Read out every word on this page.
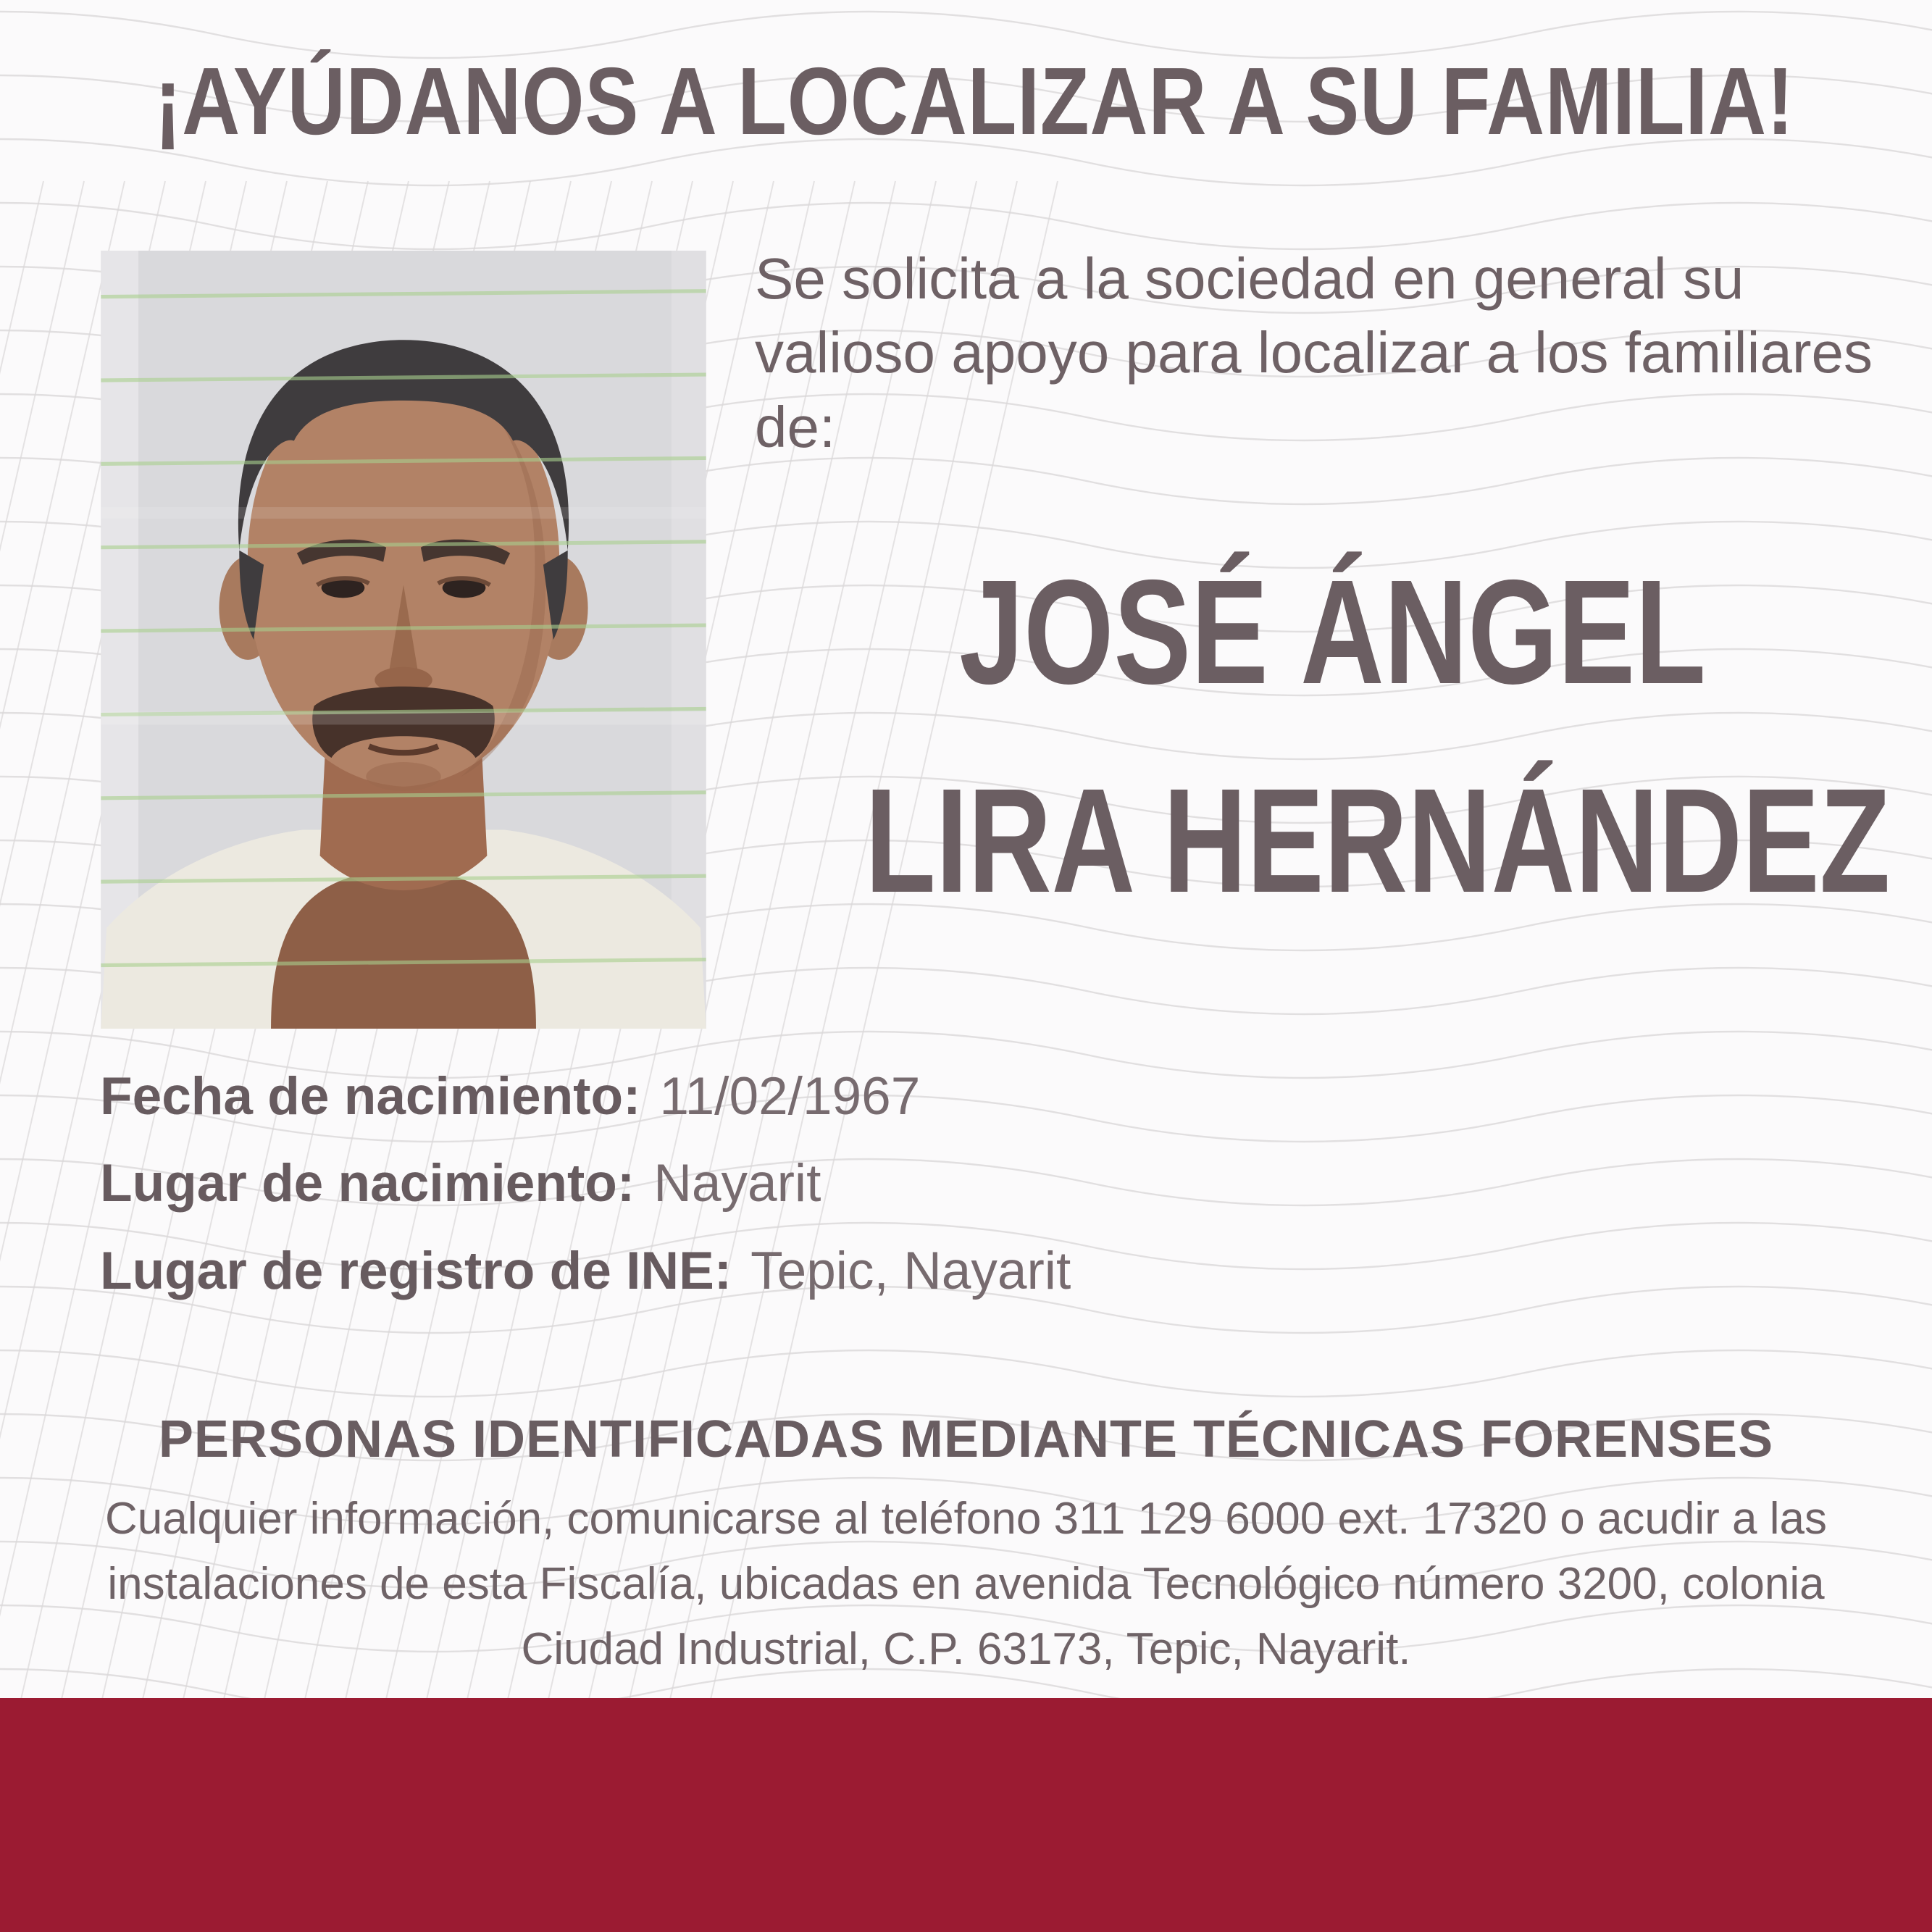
¡AYÚDANOS A LOCALIZAR A SU FAMILIA!
Se solicita a la sociedad en general su valioso apoyo para localizar a los familiares de:
JOSÉ ÁNGEL
LIRA HERNÁNDEZ
Fecha de nacimiento: 11/02/1967
Lugar de nacimiento: Nayarit
Lugar de registro de INE: Tepic, Nayarit
PERSONAS IDENTIFICADAS MEDIANTE TÉCNICAS FORENSES
Cualquier información, comunicarse al teléfono 311 129 6000 ext. 17320 o acudir a las instalaciones de esta Fiscalía, ubicadas en avenida Tecnológico número 3200, colonia Ciudad Industrial, C.P. 63173, Tepic, Nayarit.
